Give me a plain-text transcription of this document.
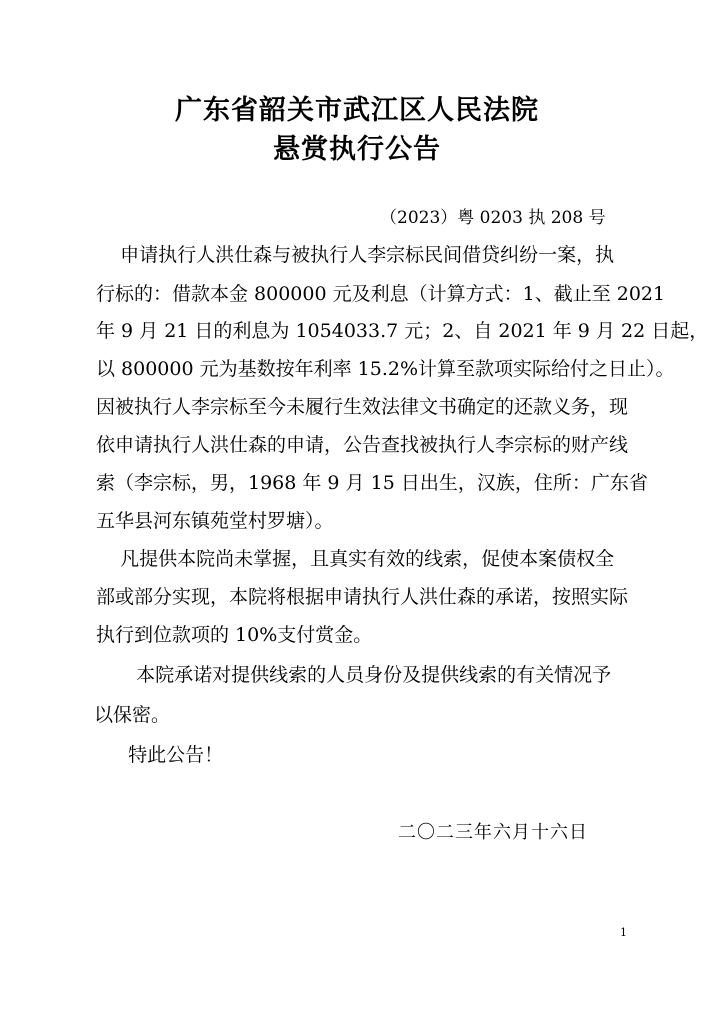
广东省韶关市武江区人民法院
悬赏执行公告
（2023）粤 0203 执 208 号
申请执行人洪仕森与被执行人李宗标民间借贷纠纷一案，执
行标的：借款本金 800000 元及利息（计算方式：1、截止至 2021
年 9 月 21 日的利息为 1054033.7 元；2、自 2021 年 9 月 22 日起，
以 800000 元为基数按年利率 15.2%计算至款项实际给付之日止）。
因被执行人李宗标至今未履行生效法律文书确定的还款义务，现
依申请执行人洪仕森的申请，公告查找被执行人李宗标的财产线
索（李宗标，男，1968 年 9 月 15 日出生，汉族，住所：广东省
五华县河东镇苑堂村罗塘）。
凡提供本院尚未掌握，且真实有效的线索，促使本案债权全
部或部分实现，本院将根据申请执行人洪仕森的承诺，按照实际
执行到位款项的 10%支付赏金。
本院承诺对提供线索的人员身份及提供线索的有关情况予
以保密。
特此公告！
二〇二三年六月十六日
1
